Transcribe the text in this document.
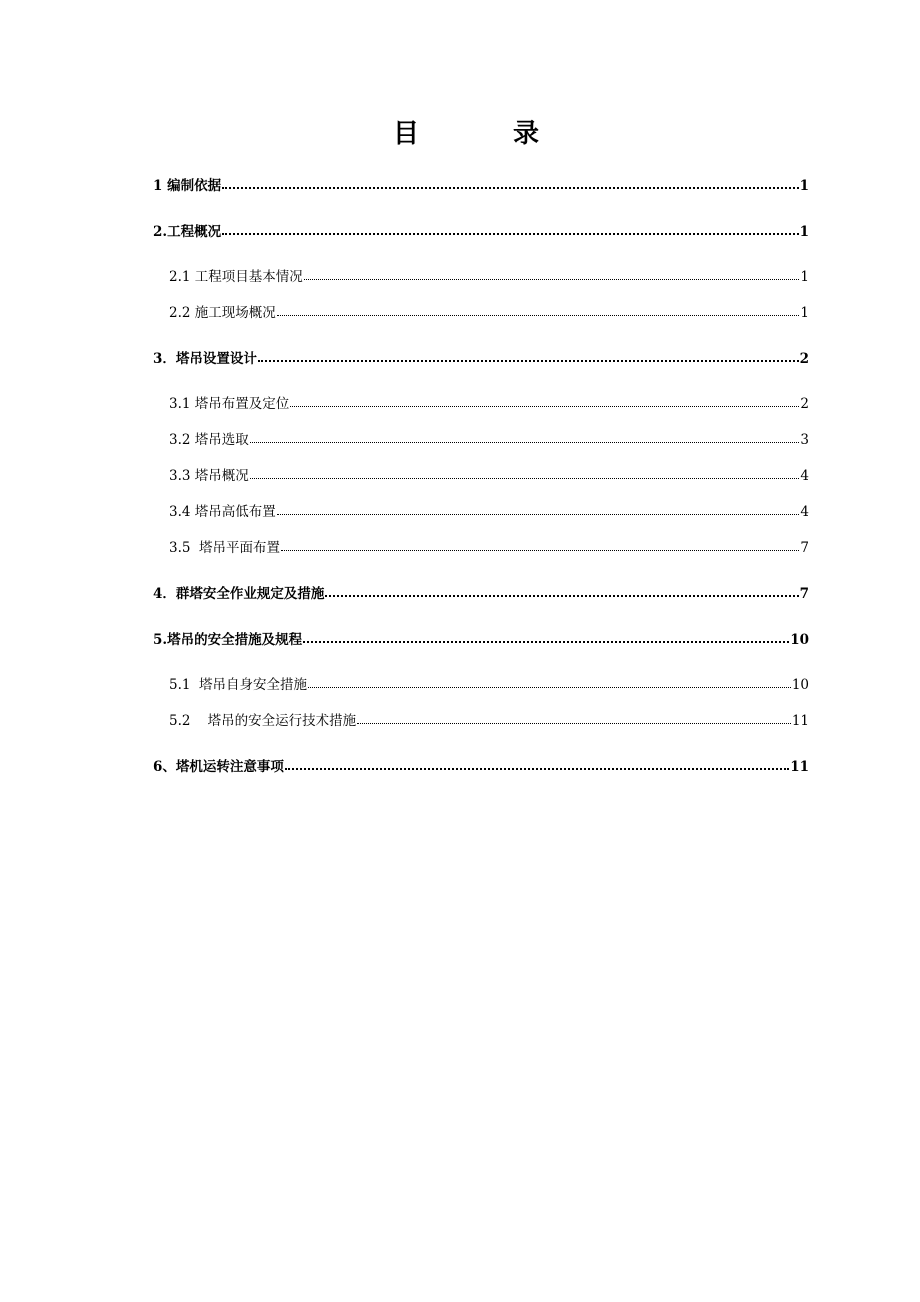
目　录
1 编制依据	1
2.工程概况	1
2.1 工程项目基本情况	1
2.2 施工现场概况	1
3．塔吊设置设计	2
3.1 塔吊布置及定位	2
3.2 塔吊选取	3
3.3 塔吊概况	4
3.4 塔吊高低布置	4
3.5  塔吊平面布置	7
4．群塔安全作业规定及措施	7
5.塔吊的安全措施及规程	10
5.1  塔吊自身安全措施	10
5.2    塔吊的安全运行技术措施	11
6、塔机运转注意事项	11
